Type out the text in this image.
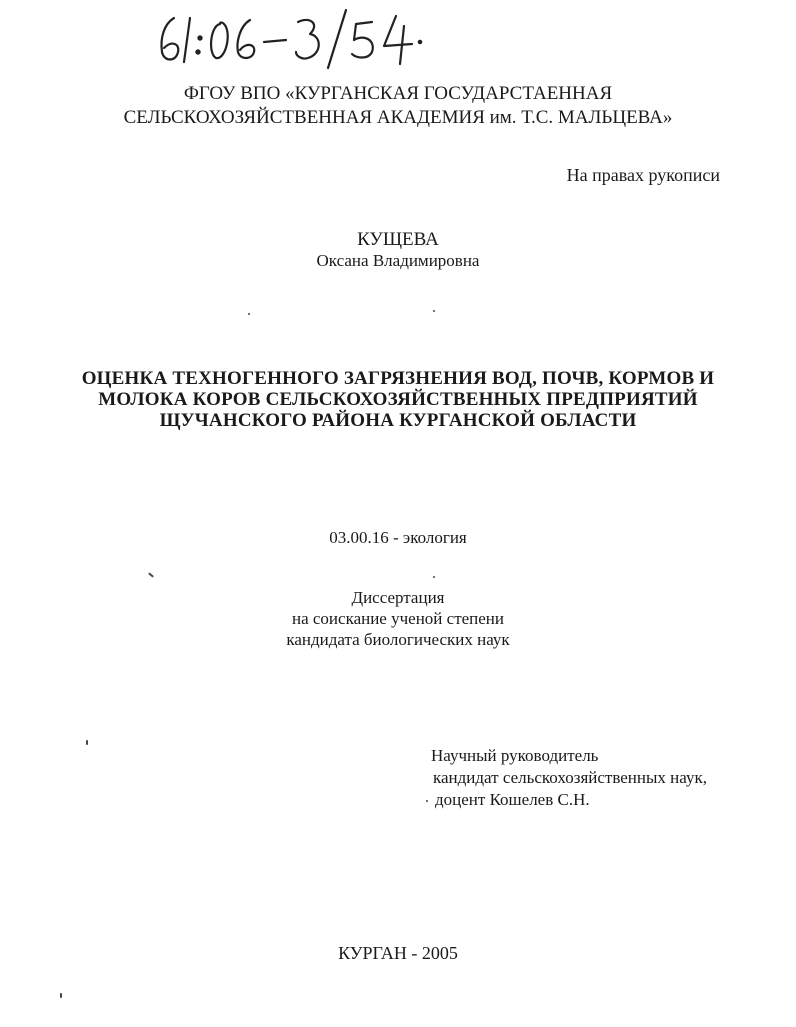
ФГОУ ВПО «КУРГАНСКАЯ ГОСУДАРСТАЕННАЯ
СЕЛЬСКОХОЗЯЙСТВЕННАЯ АКАДЕМИЯ им. Т.С. МАЛЬЦЕВА»
На правах рукописи
КУЩЕВА
Оксана Владимировна
ОЦЕНКА ТЕХНОГЕННОГО ЗАГРЯЗНЕНИЯ ВОД, ПОЧВ, КОРМОВ И
МОЛОКА КОРОВ СЕЛЬСКОХОЗЯЙСТВЕННЫХ ПРЕДПРИЯТИЙ
ЩУЧАНСКОГО РАЙОНА КУРГАНСКОЙ ОБЛАСТИ
03.00.16 - экология
Диссертация
на соискание ученой степени
кандидата биологических наук
Научный руководитель
кандидат сельскохозяйственных наук,
доцент Кошелев С.Н.
КУРГАН - 2005
